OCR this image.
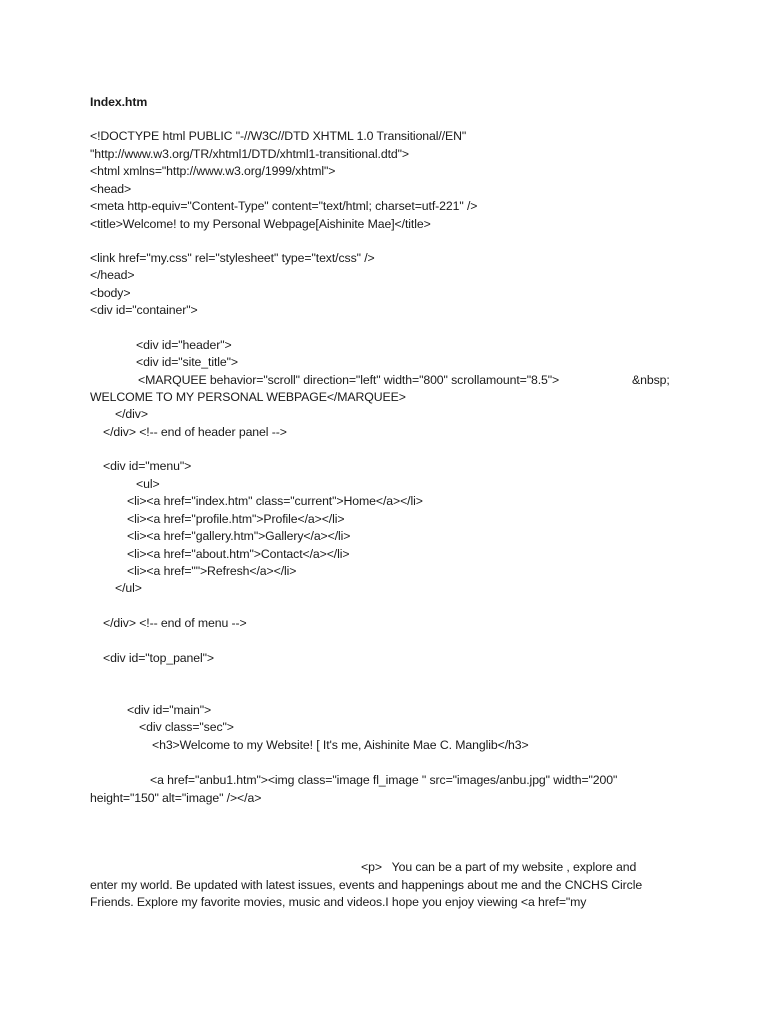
Index.htm

<!DOCTYPE html PUBLIC "-//W3C//DTD XHTML 1.0 Transitional//EN"

"http://www.w3.org/TR/xhtml1/DTD/xhtml1-transitional.dtd">

<html xmlns="http://www.w3.org/1999/xhtml">

<head>

<meta http-equiv="Content-Type" content="text/html; charset=utf-221" />

<title>Welcome! to my Personal Webpage[Aishinite Mae]</title>

<link href="my.css" rel="stylesheet" type="text/css" />

</head>

<body>

<div id="container">

<div id="header">

<div id="site_title">

<MARQUEE behavior="scroll" direction="left" width="800" scrollamount="8.5">	&nbsp;

WELCOME TO MY PERSONAL WEBPAGE</MARQUEE>

</div>

</div> <!-- end of header panel -->

<div id="menu">

<ul>

<li><a href="index.htm" class="current">Home</a></li>

<li><a href="profile.htm">Profile</a></li>

<li><a href="gallery.htm">Gallery</a></li>

<li><a href="about.htm">Contact</a></li>

<li><a href="">Refresh</a></li>

</ul>

</div> <!-- end of menu -->

<div id="top_panel">

<div id="main">

<div class="sec">

<h3>Welcome to my Website! [ It's me, Aishinite Mae C. Manglib</h3>

<a href="anbu1.htm"><img class="image fl_image " src="images/anbu.jpg" width="200"

height="150" alt="image" /></a>

<p>   You can be a part of my website , explore and

enter my world. Be updated with latest issues, events and happenings about me and the CNCHS Circle

Friends. Explore my favorite movies, music and videos.I hope you enjoy viewing <a href="my
